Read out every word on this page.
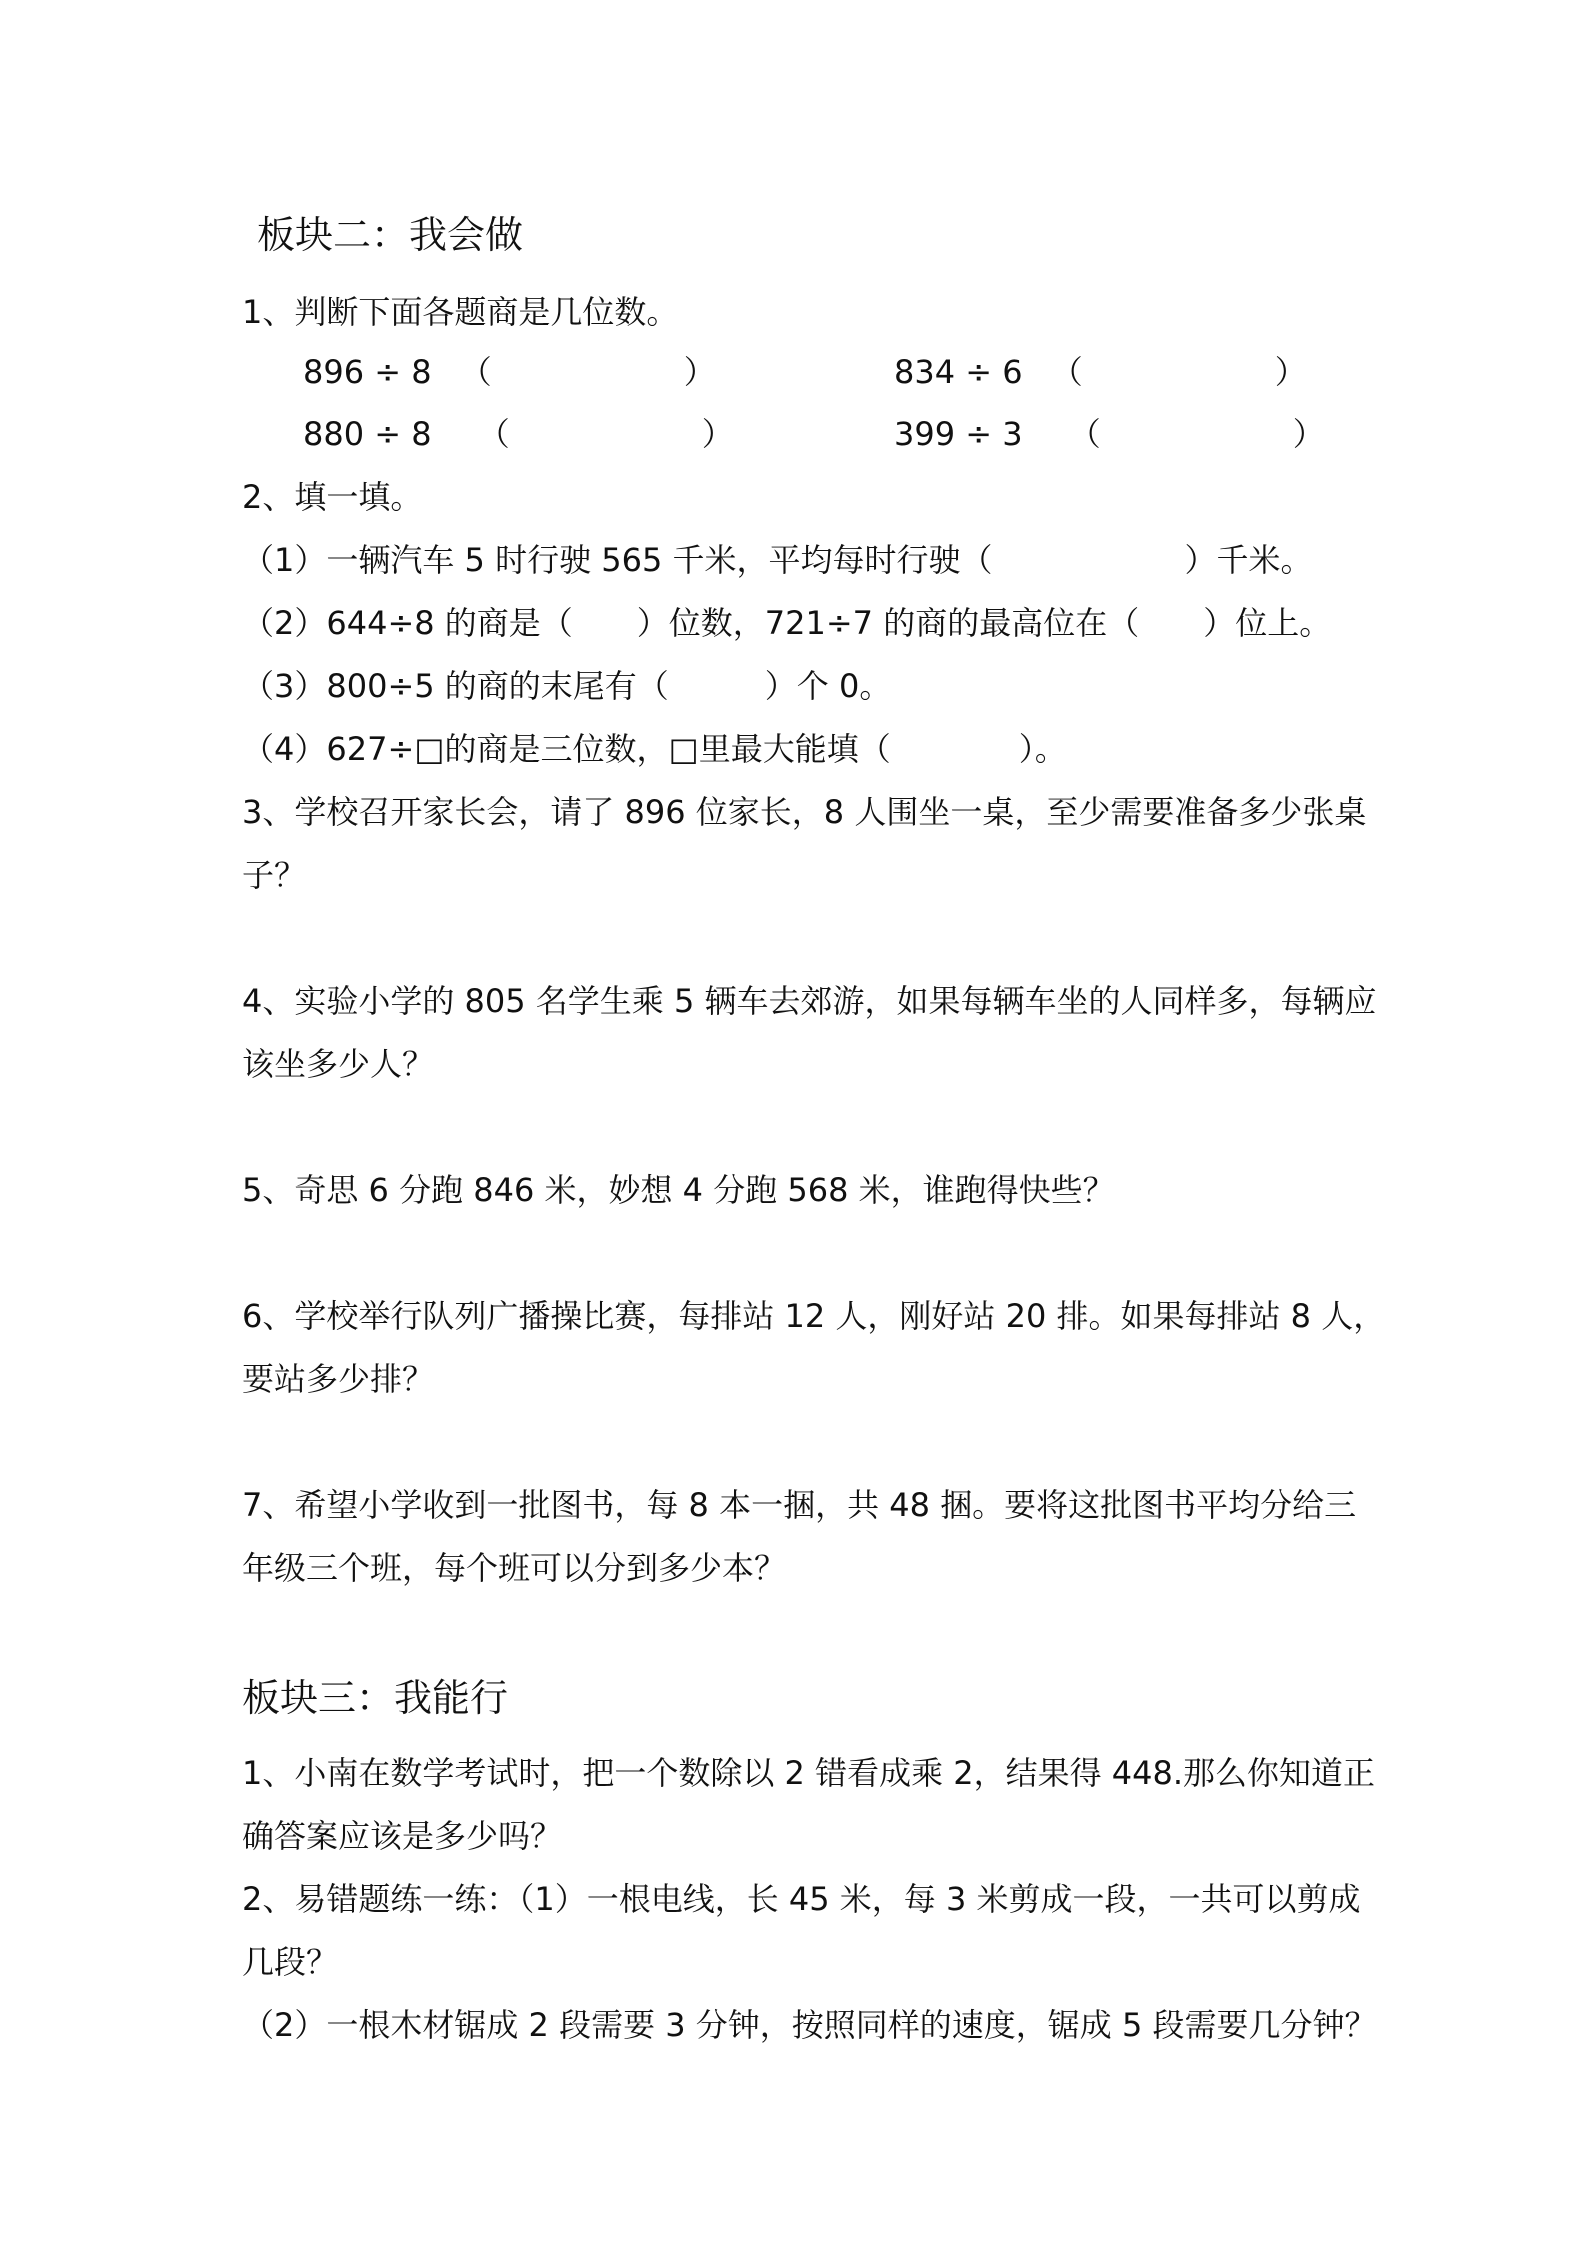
板块二：我会做
1、判断下面各题商是几位数。
896 ÷ 8 （　　　　　　）	834 ÷ 6 （　　　　　　）
880 ÷ 8 （　　　　　　）	399 ÷ 3 （　　　　　　）
2、填一填。
（1）一辆汽车 5 时行驶 565 千米，平均每时行驶（　　　　　　）千米。
（2）644÷8 的商是（　　）位数，721÷7 的商的最高位在（　　）位上。
（3）800÷5 的商的末尾有（　　　）个 0。
（4）627÷□的商是三位数，□里最大能填（　　　　）。
3、学校召开家长会，请了 896 位家长，8 人围坐一桌，至少需要准备多少张桌
子？
4、实验小学的 805 名学生乘 5 辆车去郊游，如果每辆车坐的人同样多，每辆应
该坐多少人？
5、奇思 6 分跑 846 米，妙想 4 分跑 568 米，谁跑得快些？
6、学校举行队列广播操比赛，每排站 12 人，刚好站 20 排。如果每排站 8 人，
要站多少排？
7、希望小学收到一批图书，每 8 本一捆，共 48 捆。要将这批图书平均分给三
年级三个班，每个班可以分到多少本？
板块三：我能行
1、小南在数学考试时，把一个数除以 2 错看成乘 2，结果得 448.那么你知道正
确答案应该是多少吗？
2、易错题练一练：（1）一根电线，长 45 米，每 3 米剪成一段，一共可以剪成
几段？
（2）一根木材锯成 2 段需要 3 分钟，按照同样的速度，锯成 5 段需要几分钟？
